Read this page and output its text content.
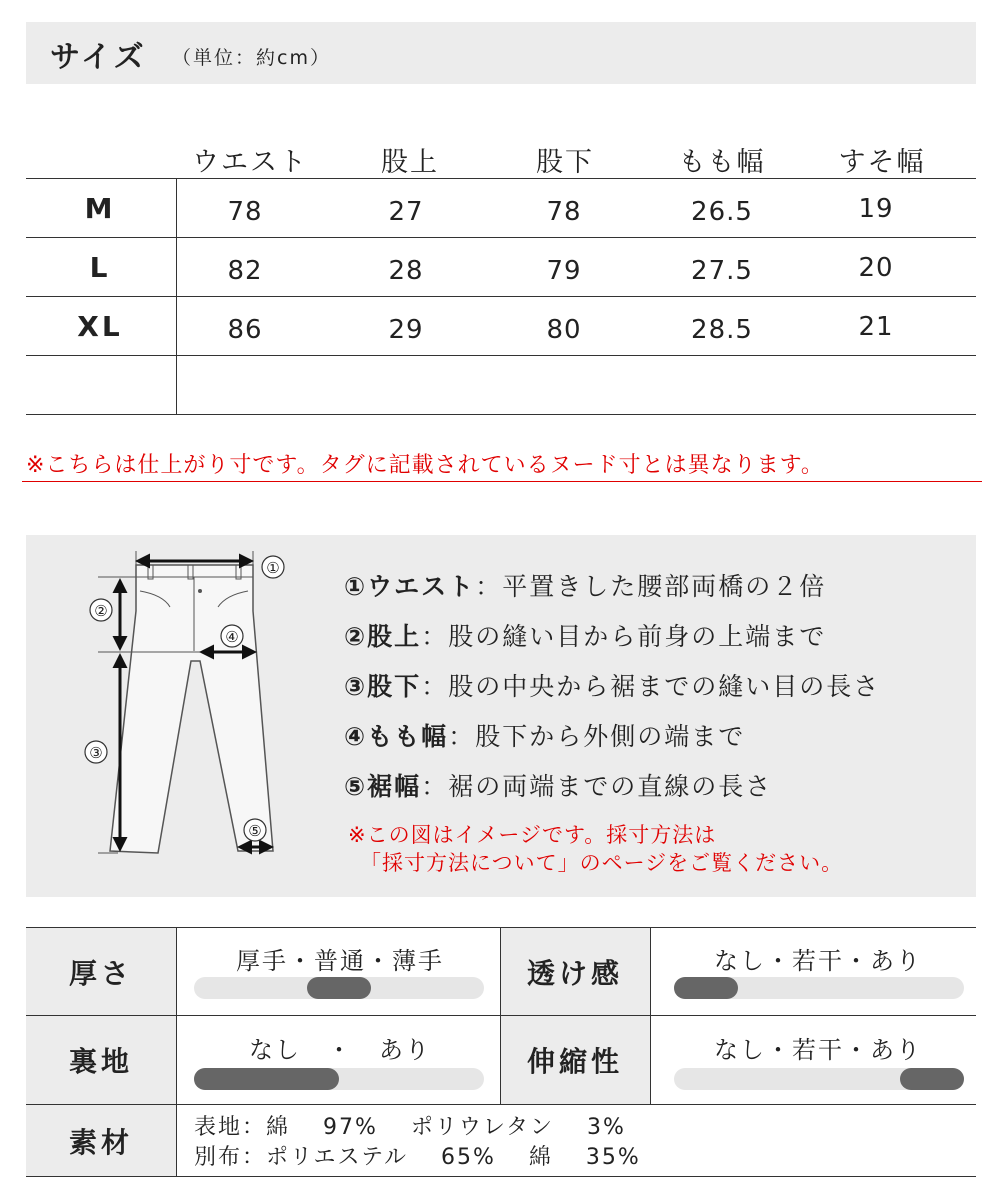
サイズ （単位：約cm）
ウエスト	股上	股下	もも幅	すそ幅
M	78	27	78	26.5	19
L	82	28	79	27.5	20
XL	86	29	80	28.5	21
※こちらは仕上がり寸です。タグに記載されているヌード寸とは異なります。
①
②
③
④
⑤
①ウエスト：平置きした腰部両橋の２倍
②股上：股の縫い目から前身の上端まで
③股下：股の中央から裾までの縫い目の長さ
④もも幅：股下から外側の端まで
⑤裾幅：裾の両端までの直線の長さ
※この図はイメージです。採寸方法は
「採寸方法について」のページをご覧ください。
厚さ	厚手・普通・薄手	透け感	なし・若干・あり
裏地	なし　・　あり	伸縮性	なし・若干・あり
素材	表地：綿　 97%　 ポリウレタン　 3%
別布：ポリエステル　 65%　 綿　 35%
